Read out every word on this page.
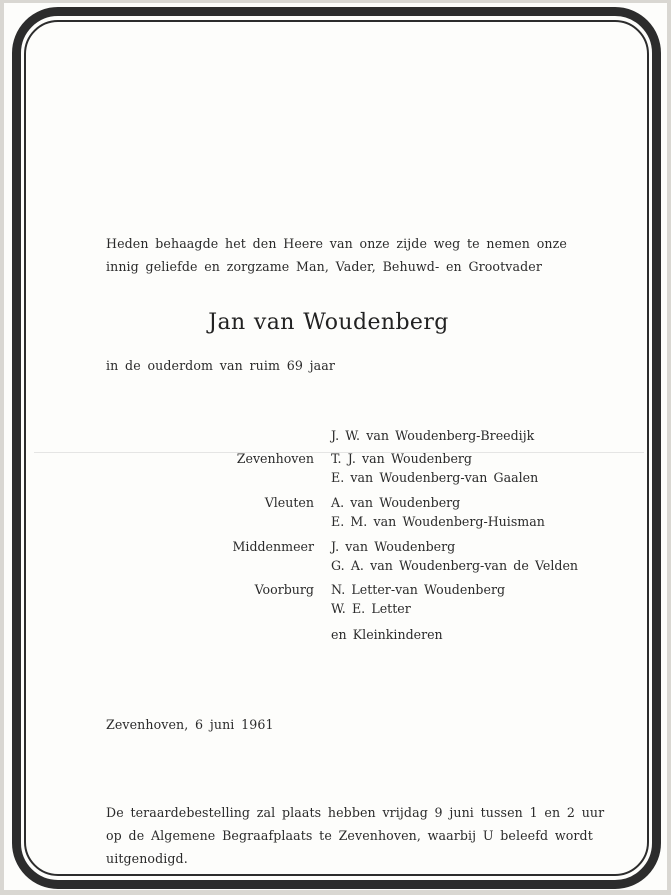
Heden behaagde het den Heere van onze zijde weg te nemen onze
innig geliefde en zorgzame Man, Vader, Behuwd- en Grootvader
Jan van Woudenberg
in de ouderdom van ruim 69 jaar
J. W. van Woudenberg-Breedijk
Zevenhoven T. J. van Woudenberg
E. van Woudenberg-van Gaalen
Vleuten A. van Woudenberg
E. M. van Woudenberg-Huisman
Middenmeer J. van Woudenberg
G. A. van Woudenberg-van de Velden
Voorburg N. Letter-van Woudenberg
W. E. Letter
en Kleinkinderen
Zevenhoven, 6 juni 1961
De teraardebestelling zal plaats hebben vrijdag 9 juni tussen 1 en 2 uur
op de Algemene Begraafplaats te Zevenhoven, waarbij U beleefd wordt
uitgenodigd.
